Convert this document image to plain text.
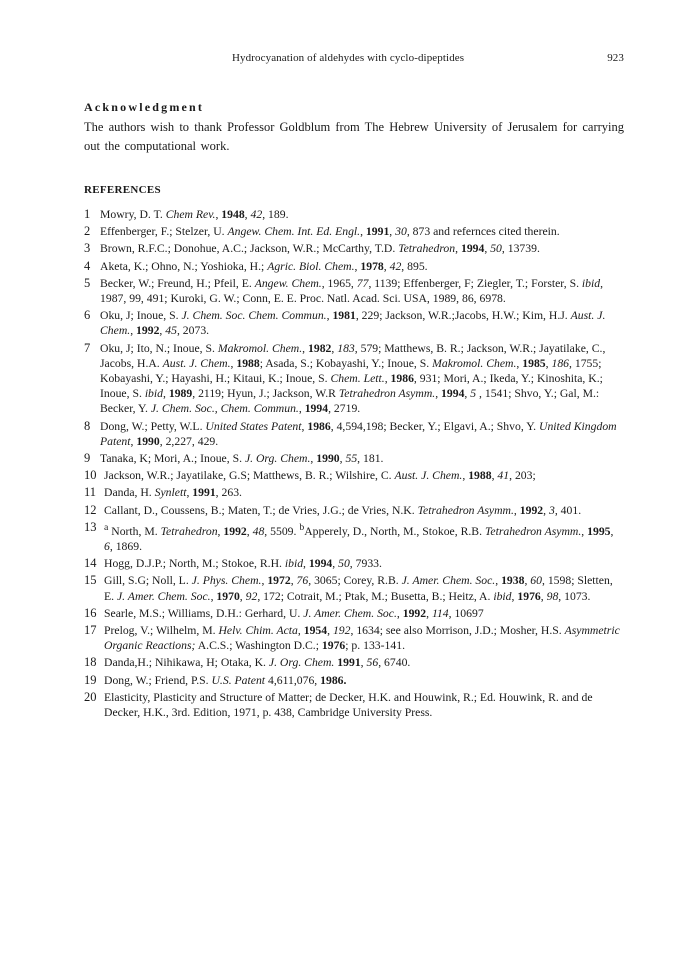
Hydrocyanation of aldehydes with cyclo-dipeptides	923
Acknowledgment
The authors wish to thank Professor Goldblum from The Hebrew University of Jerusalem for carrying out the computational work.
REFERENCES
1 Mowry, D. T. Chem Rev., 1948, 42, 189.
2 Effenberger, F.; Stelzer, U. Angew. Chem. Int. Ed. Engl., 1991, 30, 873 and refernces cited therein.
3 Brown, R.F.C.; Donohue, A.C.; Jackson, W.R.; McCarthy, T.D. Tetrahedron, 1994, 50, 13739.
4 Aketa, K.; Ohno, N.; Yoshioka, H.; Agric. Biol. Chem., 1978, 42, 895.
5 Becker, W.; Freund, H.; Pfeil, E. Angew. Chem., 1965, 77, 1139; Effenberger, F; Ziegler, T.; Forster, S. ibid, 1987, 99, 491; Kuroki, G. W.; Conn, E. E. Proc. Natl. Acad. Sci. USA, 1989, 86, 6978.
6 Oku, J; Inoue, S. J. Chem. Soc. Chem. Commun., 1981, 229; Jackson, W.R.;Jacobs, H.W.; Kim, H.J. Aust. J. Chem., 1992, 45, 2073.
7 Oku, J; Ito, N.; Inoue, S. Makromol. Chem., 1982, 183, 579; Matthews, B. R.; Jackson, W.R.; Jayatilake, C., Jacobs, H.A. Aust. J. Chem., 1988; Asada, S.; Kobayashi, Y.; Inoue, S. Makromol. Chem., 1985, 186, 1755; Kobayashi, Y.; Hayashi, H.; Kitaui, K.; Inoue, S. Chem. Lett., 1986, 931; Mori, A.; Ikeda, Y.; Kinoshita, K.; Inoue, S. ibid, 1989, 2119; Hyun, J.; Jackson, W.R Tetrahedron Asymm., 1994, 5 , 1541; Shvo, Y.; Gal, M.: Becker, Y. J. Chem. Soc., Chem. Commun., 1994, 2719.
8 Dong, W.; Petty, W.L. United States Patent, 1986, 4,594,198; Becker, Y.; Elgavi, A.; Shvo, Y. United Kingdom Patent, 1990, 2,227, 429.
9 Tanaka, K; Mori, A.; Inoue, S. J. Org. Chem., 1990, 55, 181.
10 Jackson, W.R.; Jayatilake, G.S; Matthews, B. R.; Wilshire, C. Aust. J. Chem., 1988, 41, 203;
11 Danda, H. Synlett, 1991, 263.
12 Callant, D., Coussens, B.; Maten, T.; de Vries, J.G.; de Vries, N.K. Tetrahedron Asymm., 1992, 3, 401.
13 $^a$ North, M. Tetrahedron, 1992, 48, 5509. $^b$Apperely, D., North, M., Stokoe, R.B. Tetrahedron Asymm., 1995, 6, 1869.
14 Hogg, D.J.P.; North, M.; Stokoe, R.H. ibid, 1994, 50, 7933.
15 Gill, S.G; Noll, L. J. Phys. Chem., 1972, 76, 3065; Corey, R.B. J. Amer. Chem. Soc., 1938, 60, 1598; Sletten, E. J. Amer. Chem. Soc., 1970, 92, 172; Cotrait, M.; Ptak, M.; Busetta, B.; Heitz, A. ibid, 1976, 98, 1073.
16 Searle, M.S.; Williams, D.H.: Gerhard, U. J. Amer. Chem. Soc., 1992, 114, 10697
17 Prelog, V.; Wilhelm, M. Helv. Chim. Acta, 1954, 192, 1634; see also Morrison, J.D.; Mosher, H.S. Asymmetric Organic Reactions; A.C.S.; Washington D.C.; 1976; p. 133-141.
18 Danda,H.; Nihikawa, H; Otaka, K. J. Org. Chem. 1991, 56, 6740.
19 Dong, W.; Friend, P.S. U.S. Patent 4,611,076, 1986.
20 Elasticity, Plasticity and Structure of Matter; de Decker, H.K. and Houwink, R.; Ed. Houwink, R. and de Decker, H.K., 3rd. Edition, 1971, p. 438, Cambridge University Press.
